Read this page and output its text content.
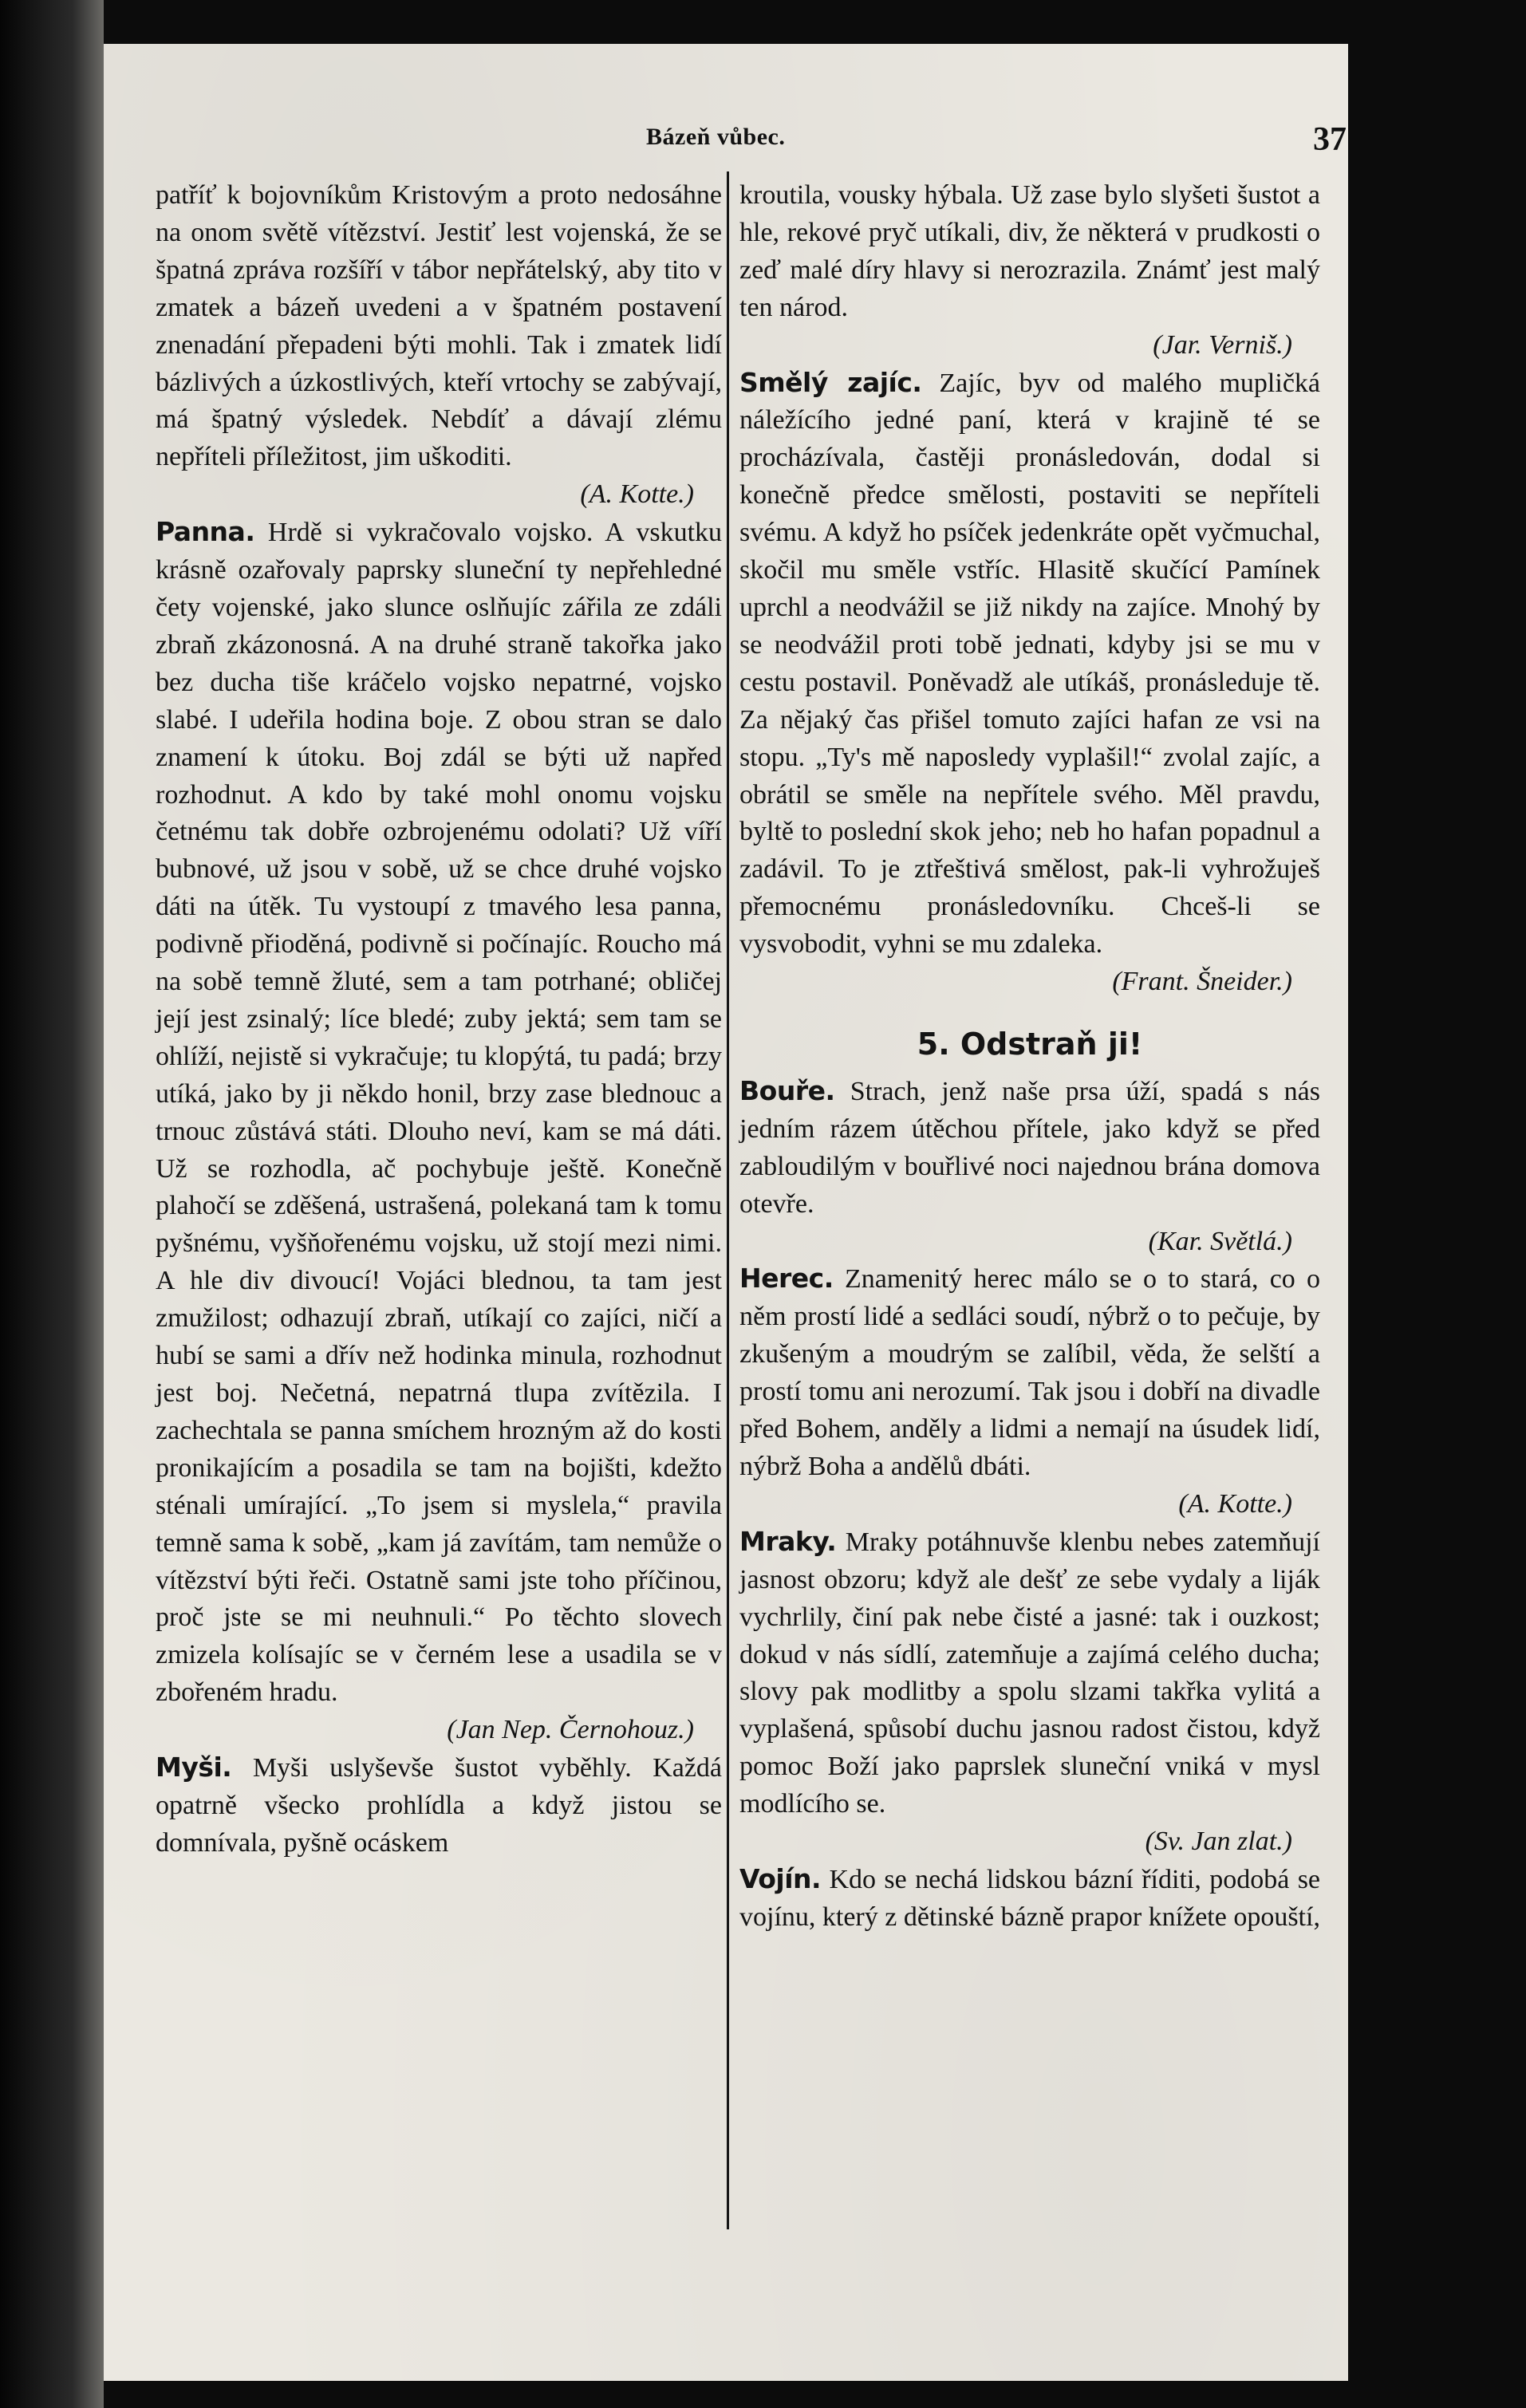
Bázeň vůbec.	37

patříť k bojovníkům Kristovým a proto nedosáhne na onom světě vítězství. Jestiť lest vojenská, že se špatná zpráva rozšíří v tábor nepřátelský, aby tito v zmatek a bázeň uvedeni a v špatném postavení znenadání přepadeni býti mohli. Tak i zmatek lidí bázlivých a úzkostlivých, kteří vrtochy se zabývají, má špatný výsledek. Nebdíť a dávají zlému nepříteli příležitost, jim uškoditi.
(A. Kotte.)

Panna. Hrdě si vykračovalo vojsko. A vskutku krásně ozařovaly paprsky sluneční ty nepřehledné čety vojenské, jako slunce oslňujíc zářila ze zdáli zbraň zkázonosná. A na druhé straně takořka jako bez ducha tiše kráčelo vojsko nepatrné, vojsko slabé. I udeřila hodina boje. Z obou stran se dalo znamení k útoku. Boj zdál se býti už napřed rozhodnut. A kdo by také mohl onomu vojsku četnému tak dobře ozbrojenému odolati? Už víří bubnové, už jsou v sobě, už se chce druhé vojsko dáti na útěk. Tu vystoupí z tmavého lesa panna, podivně přioděná, podivně si počínajíc. Roucho má na sobě temně žluté, sem a tam potrhané; obličej její jest zsinalý; líce bledé; zuby jektá; sem tam se ohlíží, nejistě si vykračuje; tu klopýtá, tu padá; brzy utíká, jako by ji někdo honil, brzy zase blednouc a trnouc zůstává státi. Dlouho neví, kam se má dáti. Už se rozhodla, ač pochybuje ještě. Konečně plahočí se zděšená, ustrašená, polekaná tam k tomu pyšnému, vyšňořenému vojsku, už stojí mezi nimi. A hle div divoucí! Vojáci blednou, ta tam jest zmužilost; odhazují zbraň, utíkají co zajíci, ničí a hubí se sami a dřív než hodinka minula, rozhodnut jest boj. Nečetná, nepatrná tlupa zvítězila. I zachechtala se panna smíchem hrozným až do kosti pronikajícím a posadila se tam na bojišti, kdežto sténali umírající. „To jsem si myslela,“ pravila temně sama k sobě, „kam já zavítám, tam nemůže o vítězství býti řeči. Ostatně sami jste toho příčinou, proč jste se mi neuhnuli.“ Po těchto slovech zmizela kolísajíc se v černém lese a usadila se v zbořeném hradu.
(Jan Nep. Černohouz.)

Myši. Myši uslyševše šustot vyběhly. Každá opatrně všecko prohlídla a když jistou se domnívala, pyšně ocáskem

kroutila, vousky hýbala. Už zase bylo slyšeti šustot a hle, rekové pryč utíkali, div, že některá v prudkosti o zeď malé díry hlavy si nerozrazila. Známť jest malý ten národ.
(Jar. Verniš.)

Smělý zajíc. Zajíc, byv od malého mupličká náležícího jedné paní, která v krajině té se procházívala, častěji pronásledován, dodal si konečně předce smělosti, postaviti se nepříteli svému. A když ho psíček jedenkráte opět vyčmuchal, skočil mu směle vstříc. Hlasitě skučící Pamínek uprchl a neodvážil se již nikdy na zajíce. Mnohý by se neodvážil proti tobě jednati, kdyby jsi se mu v cestu postavil. Poněvadž ale utíkáš, pronásleduje tě. Za nějaký čas přišel tomuto zajíci hafan ze vsi na stopu. „Ty's mě naposledy vyplašil!“ zvolal zajíc, a obrátil se směle na nepřítele svého. Měl pravdu, byltě to poslední skok jeho; neb ho hafan popadnul a zadávil. To je ztřeštivá smělost, pak-li vyhrožuješ přemocnému pronásledovníku. Chceš-li se vysvobodit, vyhni se mu zdaleka.
(Frant. Šneider.)

5. Odstraň ji!

Bouře. Strach, jenž naše prsa úží, spadá s nás jedním rázem útěchou přítele, jako když se před zabloudilým v bouřlivé noci najednou brána domova otevře.
(Kar. Světlá.)

Herec. Znamenitý herec málo se o to stará, co o něm prostí lidé a sedláci soudí, nýbrž o to pečuje, by zkušeným a moudrým se zalíbil, věda, že selští a prostí tomu ani nerozumí. Tak jsou i dobří na divadle před Bohem, anděly a lidmi a nemají na úsudek lidí, nýbrž Boha a andělů dbáti.
(A. Kotte.)

Mraky. Mraky potáhnuvše klenbu nebes zatemňují jasnost obzoru; když ale dešť ze sebe vydaly a liják vychrlily, činí pak nebe čisté a jasné: tak i ouzkost; dokud v nás sídlí, zatemňuje a zajímá celého ducha; slovy pak modlitby a spolu slzami takřka vylitá a vyplašená, spůsobí duchu jasnou radost čistou, když pomoc Boží jako paprslek sluneční vniká v mysl modlícího se.
(Sv. Jan zlat.)

Vojín. Kdo se nechá lidskou bázní říditi, podobá se vojínu, který z dětinské bázně prapor knížete opouští,
